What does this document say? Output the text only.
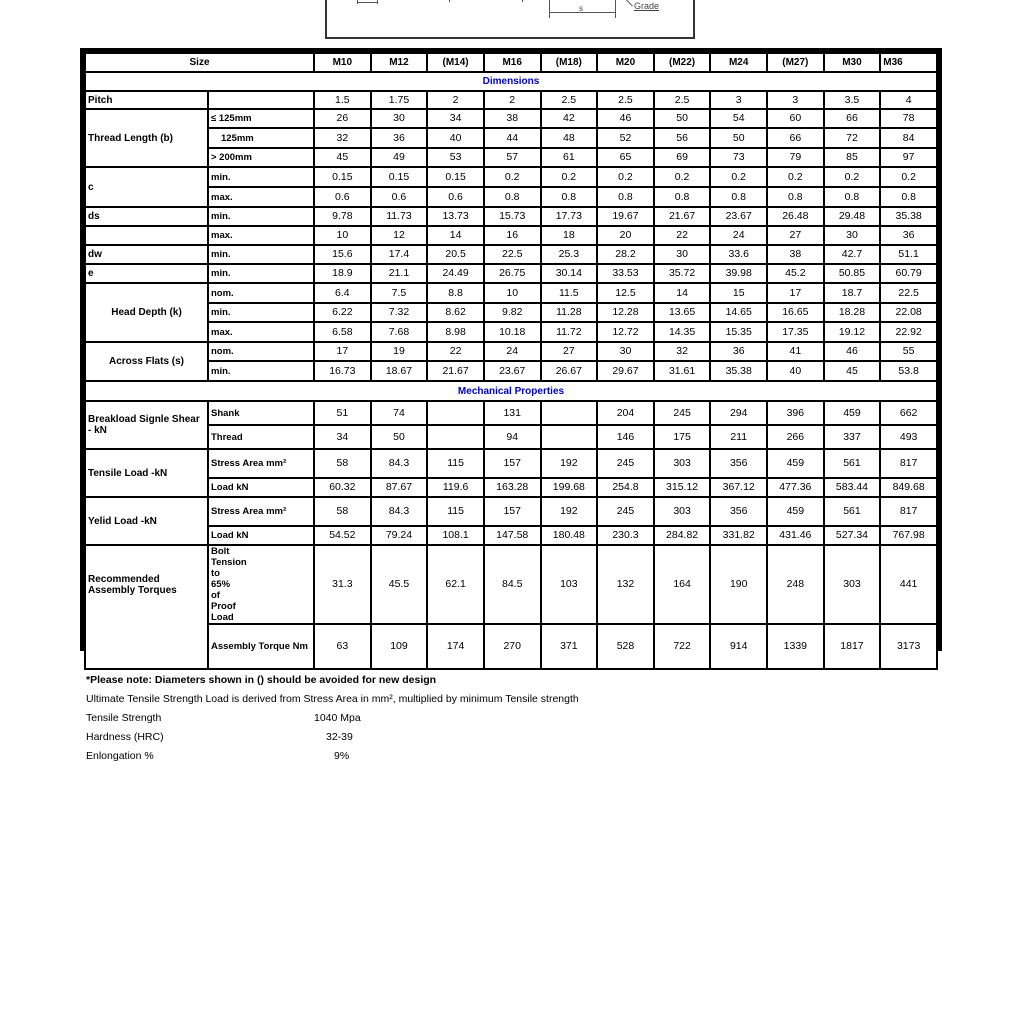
s	Grade
Size		M10	M12	(M14)	M16	(M18)	M20	(M22)	M24	(M27)	M30	M36
Dimensions												
Pitch		1.5	1.75	2	2	2.5	2.5	2.5	3	3	3.5	4
Thread Length (b)	≤ 125mm	26	30	34	38	42	46	50	54	60	66	78
	125mm	32	36	40	44	48	52	56	50	66	72	84
	> 200mm	45	49	53	57	61	65	69	73	79	85	97
c	min.	0.15	0.15	0.15	0.2	0.2	0.2	0.2	0.2	0.2	0.2	0.2
	max.	0.6	0.6	0.6	0.8	0.8	0.8	0.8	0.8	0.8	0.8	0.8
ds	min.	9.78	11.73	13.73	15.73	17.73	19.67	21.67	23.67	26.48	29.48	35.38
	max.	10	12	14	16	18	20	22	24	27	30	36
dw	min.	15.6	17.4	20.5	22.5	25.3	28.2	30	33.6	38	42.7	51.1
e	min.	18.9	21.1	24.49	26.75	30.14	33.53	35.72	39.98	45.2	50.85	60.79
Head Depth (k)	nom.	6.4	7.5	8.8	10	11.5	12.5	14	15	17	18.7	22.5
	min.	6.22	7.32	8.62	9.82	11.28	12.28	13.65	14.65	16.65	18.28	22.08
	max.	6.58	7.68	8.98	10.18	11.72	12.72	14.35	15.35	17.35	19.12	22.92
Across Flats (s)	nom.	17	19	22	24	27	30	32	36	41	46	55
	min.	16.73	18.67	21.67	23.67	26.67	29.67	31.61	35.38	40	45	53.8
Mechanical Properties												
Breakload Signle Shear - kN	Shank	51	74		131		204	245	294	396	459	662
	Thread	34	50		94		146	175	211	266	337	493
Tensile Load -kN	Stress Area mm²	58	84.3	115	157	192	245	303	356	459	561	817
	Load kN	60.32	87.67	119.6	163.28	199.68	254.8	315.12	367.12	477.36	583.44	849.68
Yelid Load -kN	Stress Area mm²	58	84.3	115	157	192	245	303	356	459	561	817
	Load kN	54.52	79.24	108.1	147.58	180.48	230.3	284.82	331.82	431.46	527.34	767.98
Recommended Assembly Torques	Bolt Tension to 65% of Proof Load	31.3	45.5	62.1	84.5	103	132	164	190	248	303	441
	Assembly Torque Nm	63	109	174	270	371	528	722	914	1339	1817	3173
*Please note: Diameters shown in () should be avoided for new design
Ultimate Tensile Strength Load is derived from Stress Area in mm², multiplied by minimum Tensile strength
Tensile Strength	1040 Mpa
Hardness (HRC)	32-39
Enlongation %	9%
